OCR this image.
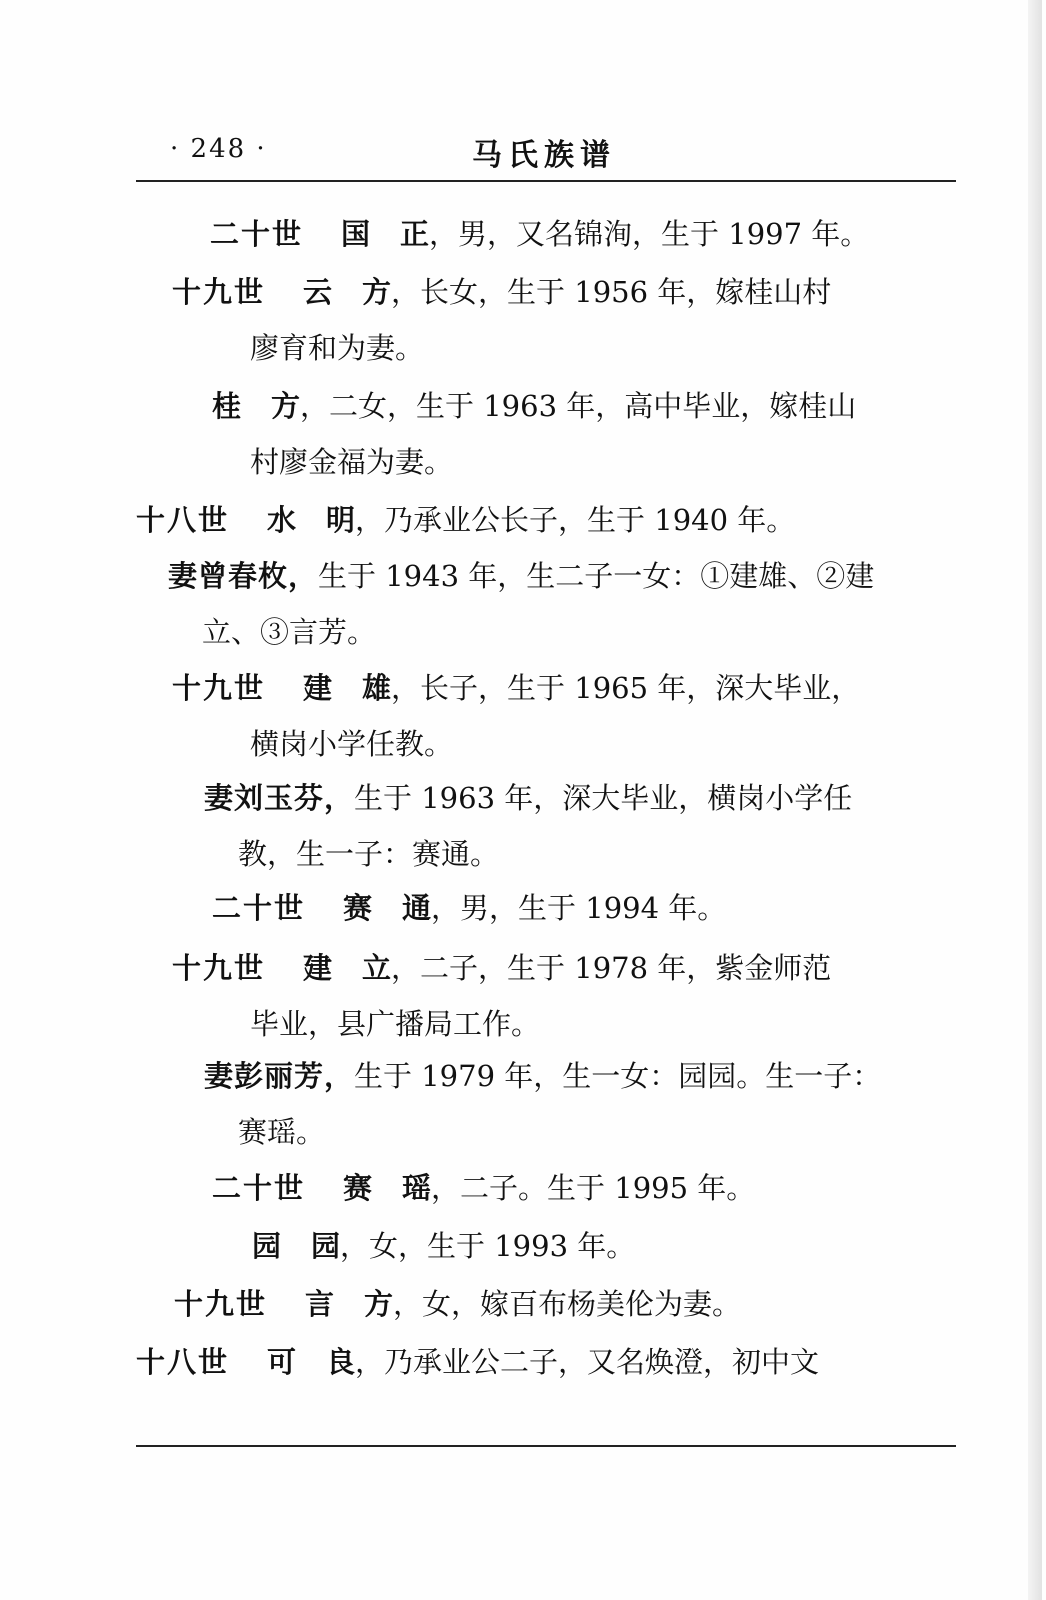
· 248 ·	马氏族谱
二十世 国正，男，又名锦洵，生于 1997 年。
十九世 云方，长女，生于 1956 年，嫁桂山村
廖育和为妻。
桂方，二女，生于 1963 年，高中毕业，嫁桂山
村廖金福为妻。
十八世 水明，乃承业公长子，生于 1940 年。
妻曾春枚，生于 1943 年，生二子一女：①建雄、②建
立、③言芳。
十九世 建雄，长子，生于 1965 年，深大毕业，
横岗小学任教。
妻刘玉芬，生于 1963 年，深大毕业，横岗小学任
教，生一子：赛通。
二十世 赛通，男，生于 1994 年。
十九世 建立，二子，生于 1978 年，紫金师范
毕业，县广播局工作。
妻彭丽芳，生于 1979 年，生一女：园园。生一子：
赛瑶。
二十世 赛瑶，二子。生于 1995 年。
园园，女，生于 1993 年。
十九世 言方，女，嫁百布杨美伦为妻。
十八世 可良，乃承业公二子，又名焕澄，初中文
